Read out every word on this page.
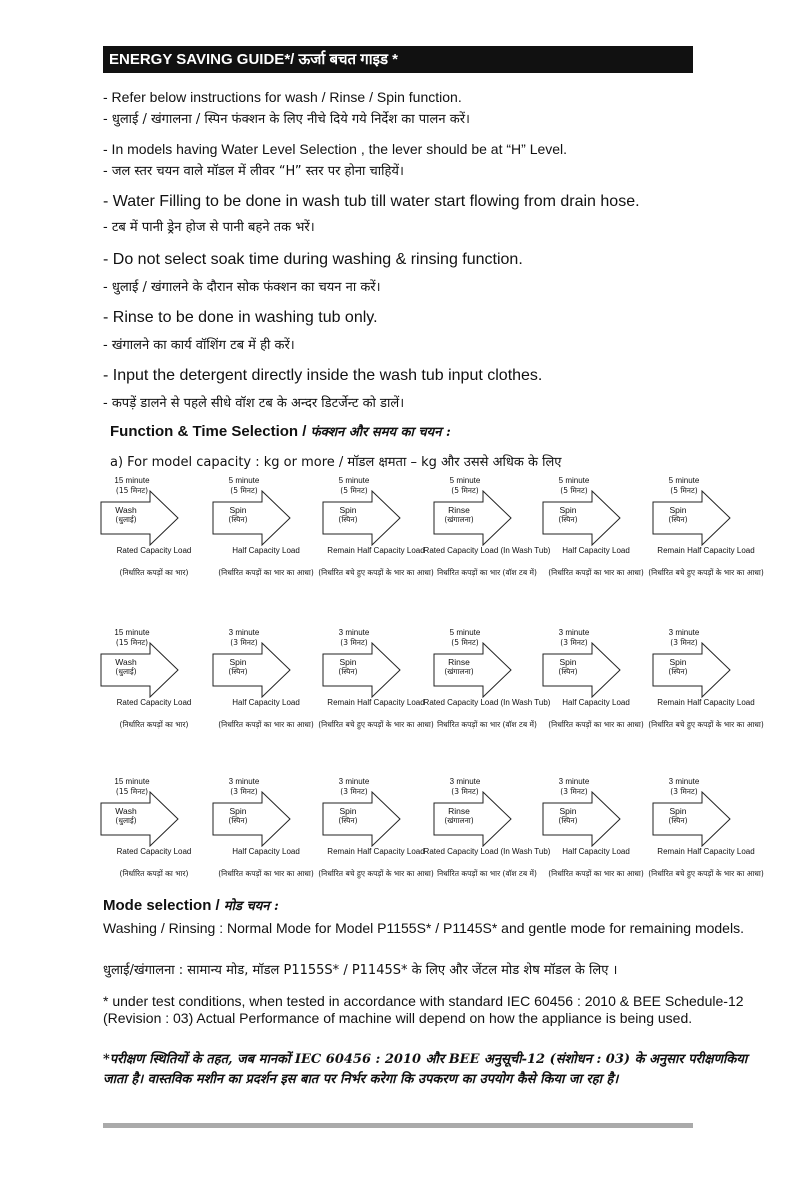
ENERGY SAVING GUIDE*/ ऊर्जा बचत गाइड *
- Refer below instructions for wash / Rinse / Spin function.
- धुलाई / खंगालना / स्पिन फंक्शन के लिए नीचे दिये गये निर्देश का पालन करें।
- In models having Water Level Selection , the lever should be at “H” Level.
- जल स्तर चयन वाले मॉडल में लीवर “H” स्तर पर होना चाहियें।
- Water Filling to be done in wash tub till water start flowing from drain hose.
- टब में पानी ड्रेन होज से पानी बहने तक भरें।
- Do not select soak time during washing & rinsing function.
- धुलाई / खंगालने के दौरान सोक फंक्शन का चयन ना करें।
- Rinse to be done in washing tub only.
- खंगालने का कार्य वॉशिंग टब में ही करें।
- Input the detergent directly inside the wash tub input clothes.
- कपड़ें डालने से पहले सीधे वॉश टब के अन्दर डिटर्जेन्ट को डालें।
Function & Time Selection / फंक्शन और समय का चयन :
a) For model capacity : kg or more / मॉडल क्षमता – kg और उससे अधिक के लिए
15 minute
(15 मिनट)
Wash
(धुलाई)
Rated Capacity Load
(निर्धारित कपड़ों का भार)
5 minute
(5 मिनट)
Spin
(स्पिन)
Half Capacity Load
(निर्धारित कपड़ों का भार का आधा)
5 minute
(5 मिनट)
Spin
(स्पिन)
Remain Half Capacity Load
(निर्धारित बचे हुए कपड़ों के भार का आधा)
5 minute
(5 मिनट)
Rinse
(खंगालना)
Rated Capacity Load (In Wash Tub)
निर्धारित कपड़ों का भार (वॉश टब में)
5 minute
(5 मिनट)
Spin
(स्पिन)
Half Capacity Load
(निर्धारित कपड़ों का भार का आधा)
5 minute
(5 मिनट)
Spin
(स्पिन)
Remain Half Capacity Load
(निर्धारित बचे हुए कपड़ों के भार का आधा)
15 minute
(15 मिनट)
Wash
(धुलाई)
Rated Capacity Load
(निर्धारित कपड़ों का भार)
3 minute
(3 मिनट)
Spin
(स्पिन)
Half Capacity Load
(निर्धारित कपड़ों का भार का आधा)
3 minute
(3 मिनट)
Spin
(स्पिन)
Remain Half Capacity Load
(निर्धारित बचे हुए कपड़ों के भार का आधा)
5 minute
(5 मिनट)
Rinse
(खंगालना)
Rated Capacity Load (In Wash Tub)
निर्धारित कपड़ों का भार (वॉश टब में)
3 minute
(3 मिनट)
Spin
(स्पिन)
Half Capacity Load
(निर्धारित कपड़ों का भार का आधा)
3 minute
(3 मिनट)
Spin
(स्पिन)
Remain Half Capacity Load
(निर्धारित बचे हुए कपड़ों के भार का आधा)
15 minute
(15 मिनट)
Wash
(धुलाई)
Rated Capacity Load
(निर्धारित कपड़ों का भार)
3 minute
(3 मिनट)
Spin
(स्पिन)
Half Capacity Load
(निर्धारित कपड़ों का भार का आधा)
3 minute
(3 मिनट)
Spin
(स्पिन)
Remain Half Capacity Load
(निर्धारित बचे हुए कपड़ों के भार का आधा)
3 minute
(3 मिनट)
Rinse
(खंगालना)
Rated Capacity Load (In Wash Tub)
निर्धारित कपड़ों का भार (वॉश टब में)
3 minute
(3 मिनट)
Spin
(स्पिन)
Half Capacity Load
(निर्धारित कपड़ों का भार का आधा)
3 minute
(3 मिनट)
Spin
(स्पिन)
Remain Half Capacity Load
(निर्धारित बचे हुए कपड़ों के भार का आधा)
Mode selection / मोड चयन :
Washing / Rinsing : Normal Mode for Model P1155S* / P1145S* and gentle mode for remaining models.
धुलाई/खंगालना : सामान्य मोड, मॉडल P1155S* / P1145S* के लिए और जेंटल मोड शेष मॉडल के लिए ।
* under test conditions, when tested in accordance with standard IEC 60456 : 2010 & BEE Schedule-12 (Revision : 03) Actual Performance of machine will depend on how the appliance is being used.
*परीक्षण स्थितियों के तहत, जब मानकों IEC 60456 : 2010 और BEE अनुसूची-12 (संशोधन : 03) के अनुसार परीक्षणकिया जाता है। वास्तविक मशीन का प्रदर्शन इस बात पर निर्भर करेगा कि उपकरण का उपयोग कैसे किया जा रहा है।
